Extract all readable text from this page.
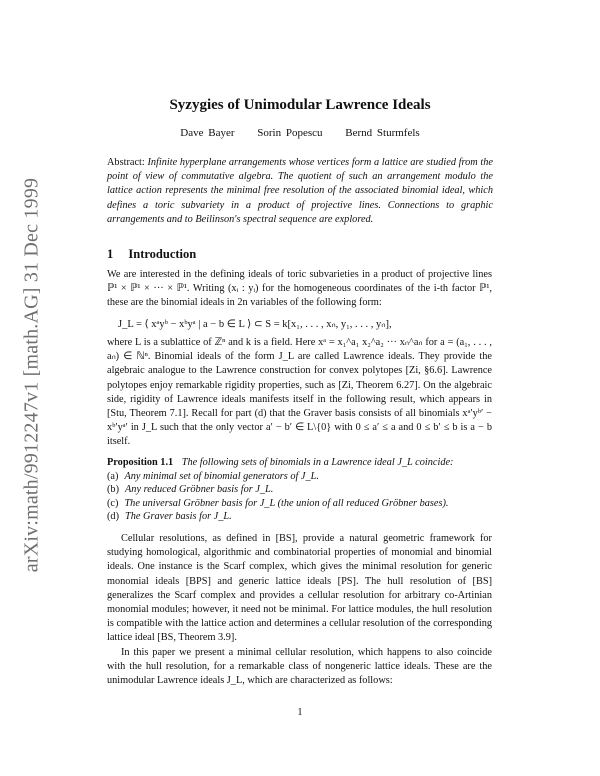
arXiv:math/9912247v1 [math.AG] 31 Dec 1999
Syzygies of Unimodular Lawrence Ideals
Dave Bayer Sorin Popescu Bernd Sturmfels
Abstract: Infinite hyperplane arrangements whose vertices form a lattice are studied from the point of view of commutative algebra. The quotient of such an arrangement modulo the lattice action represents the minimal free resolution of the associated binomial ideal, which defines a toric subvariety in a product of projective lines. Connections to graphic arrangements and to Beilinson's spectral sequence are explored.
1 Introduction

We are interested in the defining ideals of toric subvarieties in a product of projective lines ℙ¹ × ℙ¹ × ··· × ℙ¹. Writing (xᵢ : yᵢ) for the homogeneous coordinates of the i-th factor ℙ¹, these are the binomial ideals in 2n variables of the following form:

J_L = ⟨ xᵃyᵇ − xᵇyᵃ | a − b ∈ L ⟩ ⊂ S = k[x₁, . . . , xₙ, y₁, . . . , yₙ],

where L is a sublattice of ℤⁿ and k is a field. Here xᵃ = x₁^a₁ x₂^a₂ ··· xₙ^aₙ for a = (a₁, . . . , aₙ) ∈ ℕⁿ. Binomial ideals of the form J_L are called Lawrence ideals. They provide the algebraic analogue to the Lawrence construction for convex polytopes [Zi, §6.6]. Lawrence polytopes enjoy remarkable rigidity properties, such as [Zi, Theorem 6.27]. On the algebraic side, rigidity of Lawrence ideals manifests itself in the following result, which appears in [Stu, Theorem 7.1]. Recall for part (d) that the Graver basis consists of all binomials xᵃ′yᵇ′ − xᵇ′yᵃ′ in J_L such that the only vector a′ − b′ ∈ L\{0} with 0 ≤ a′ ≤ a and 0 ≤ b′ ≤ b is a − b itself.

Proposition 1.1 The following sets of binomials in a Lawrence ideal J_L coincide:
(a) Any minimal set of binomial generators of J_L.
(b) Any reduced Gröbner basis for J_L.
(c) The universal Gröbner basis for J_L (the union of all reduced Gröbner bases).
(d) The Graver basis for J_L.

Cellular resolutions, as defined in [BS], provide a natural geometric framework for studying homological, algorithmic and combinatorial properties of monomial and binomial ideals. One instance is the Scarf complex, which gives the minimal resolution for generic monomial ideals [BPS] and generic lattice ideals [PS]. The hull resolution of [BS] generalizes the Scarf complex and provides a cellular resolution for arbitrary co-Artinian monomial modules; however, it need not be minimal. For lattice modules, the hull resolution is compatible with the lattice action and determines a cellular resolution of the corresponding lattice ideal [BS, Theorem 3.9].

In this paper we present a minimal cellular resolution, which happens to also coincide with the hull resolution, for a remarkable class of nongeneric lattice ideals. These are the unimodular Lawrence ideals J_L, which are characterized as follows:

1
